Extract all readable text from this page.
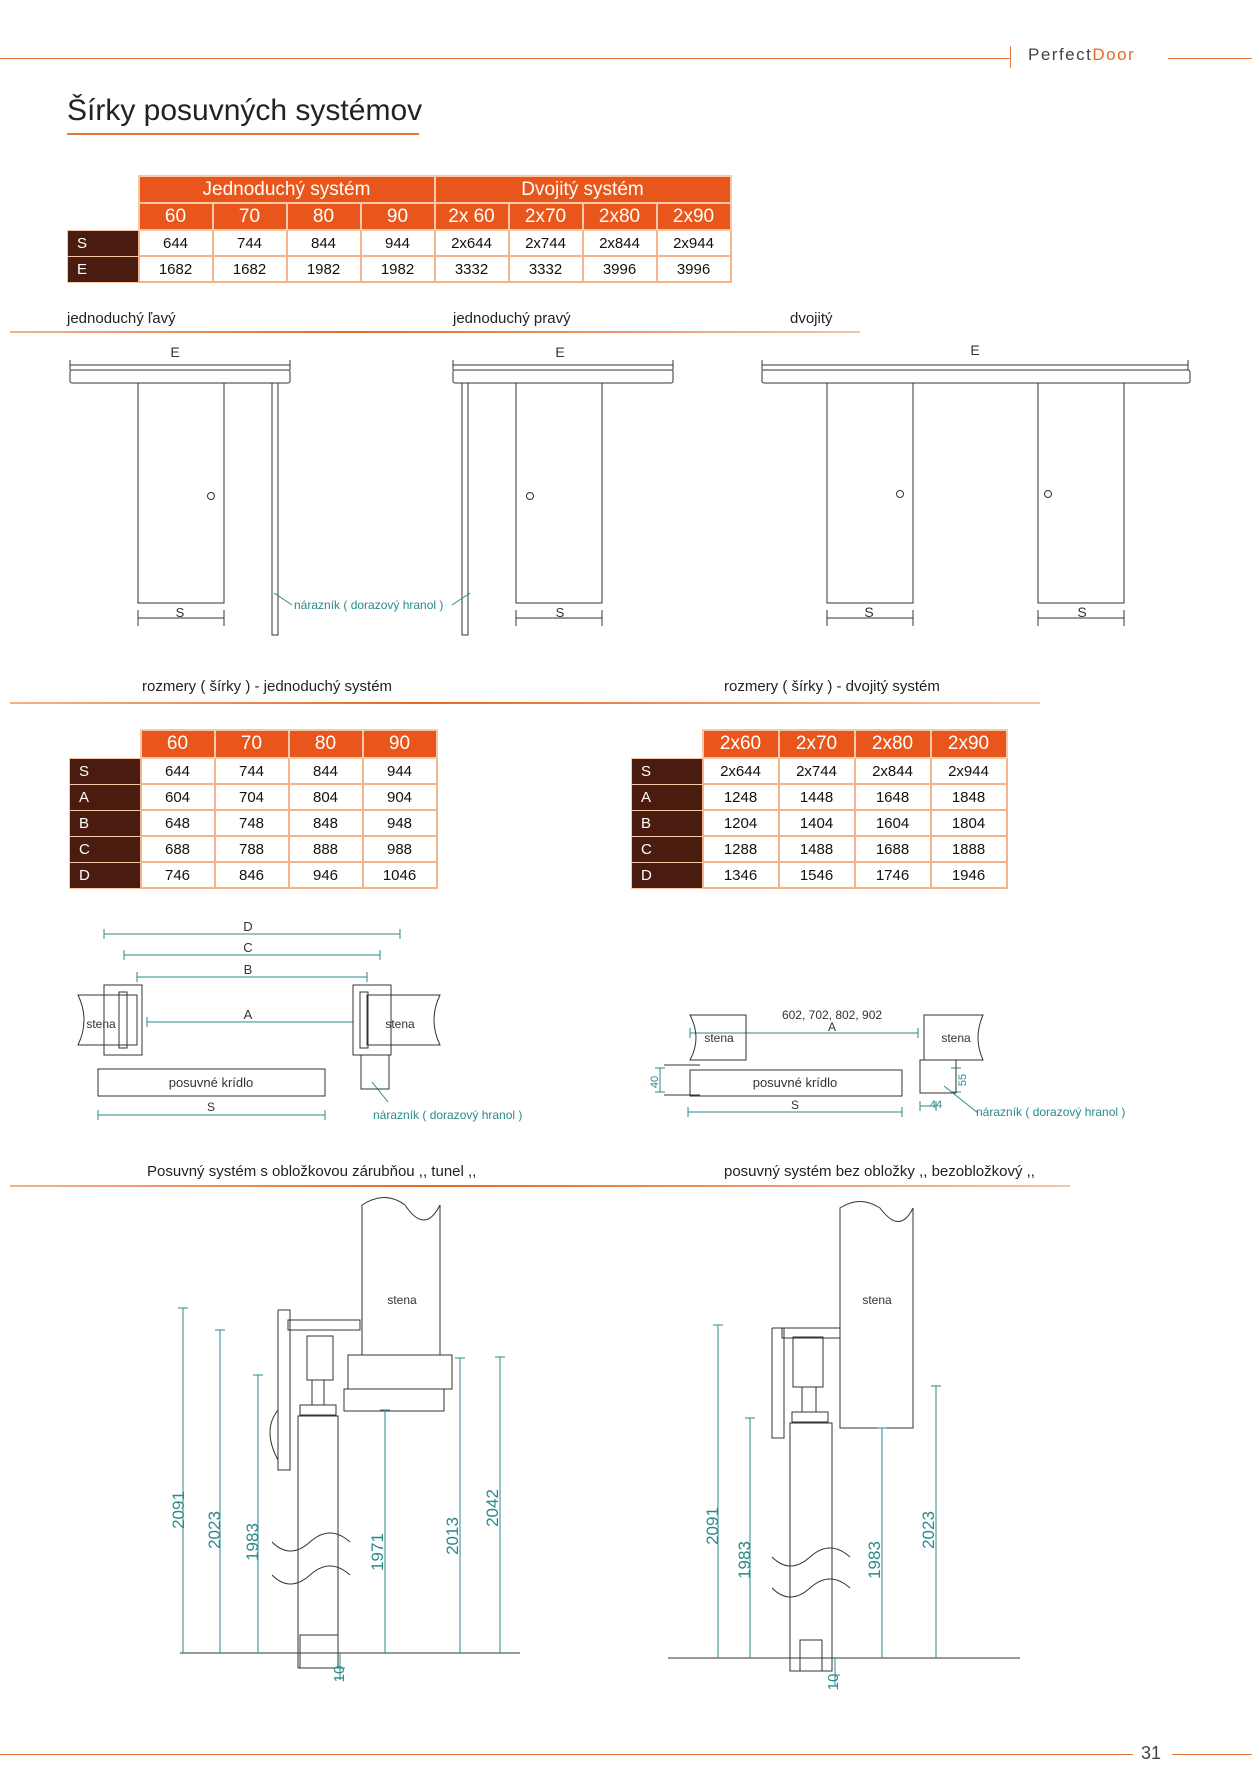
PerfectDoor
Šírky posuvných systémov
	Jednoduchý systém				Dvojitý systém			
	60	70	80	90	2x 60	2x70	2x80	2x90
S	644	744	844	944	2x644	2x744	2x844	2x944
E	1682	1682	1982	1982	3332	3332	3996	3996
jednoduchý ľavý	jednoduchý pravý	dvojitý
E	E	E
S	S	S	S
nárazník ( dorazový hranol )
rozmery ( šírky ) - jednoduchý systém	rozmery ( šírky ) - dvojitý systém
	60	70	80	90
S	644	744	844	944
A	604	704	804	904
B	648	748	848	948
C	688	788	888	988
D	746	846	946	1046
	2x60	2x70	2x80	2x90
S	2x644	2x744	2x844	2x944
A	1248	1448	1648	1848
B	1204	1404	1604	1804
C	1288	1488	1688	1888
D	1346	1546	1746	1946
D
C
B
A
stena	stena
posuvné krídlo
S
nárazník ( dorazový hranol )
602, 702, 802, 902
A
stena	stena
posuvné krídlo
S
40	55
44	nárazník ( dorazový hranol )
Posuvný systém s obložkovou zárubňou ,, tunel ,,	posuvný systém bez obložky ,, bezobložkový ,,
stena	stena
2091
2023 1983	1971	2013
2042
10
2091
1983	1983
2023
10
31
